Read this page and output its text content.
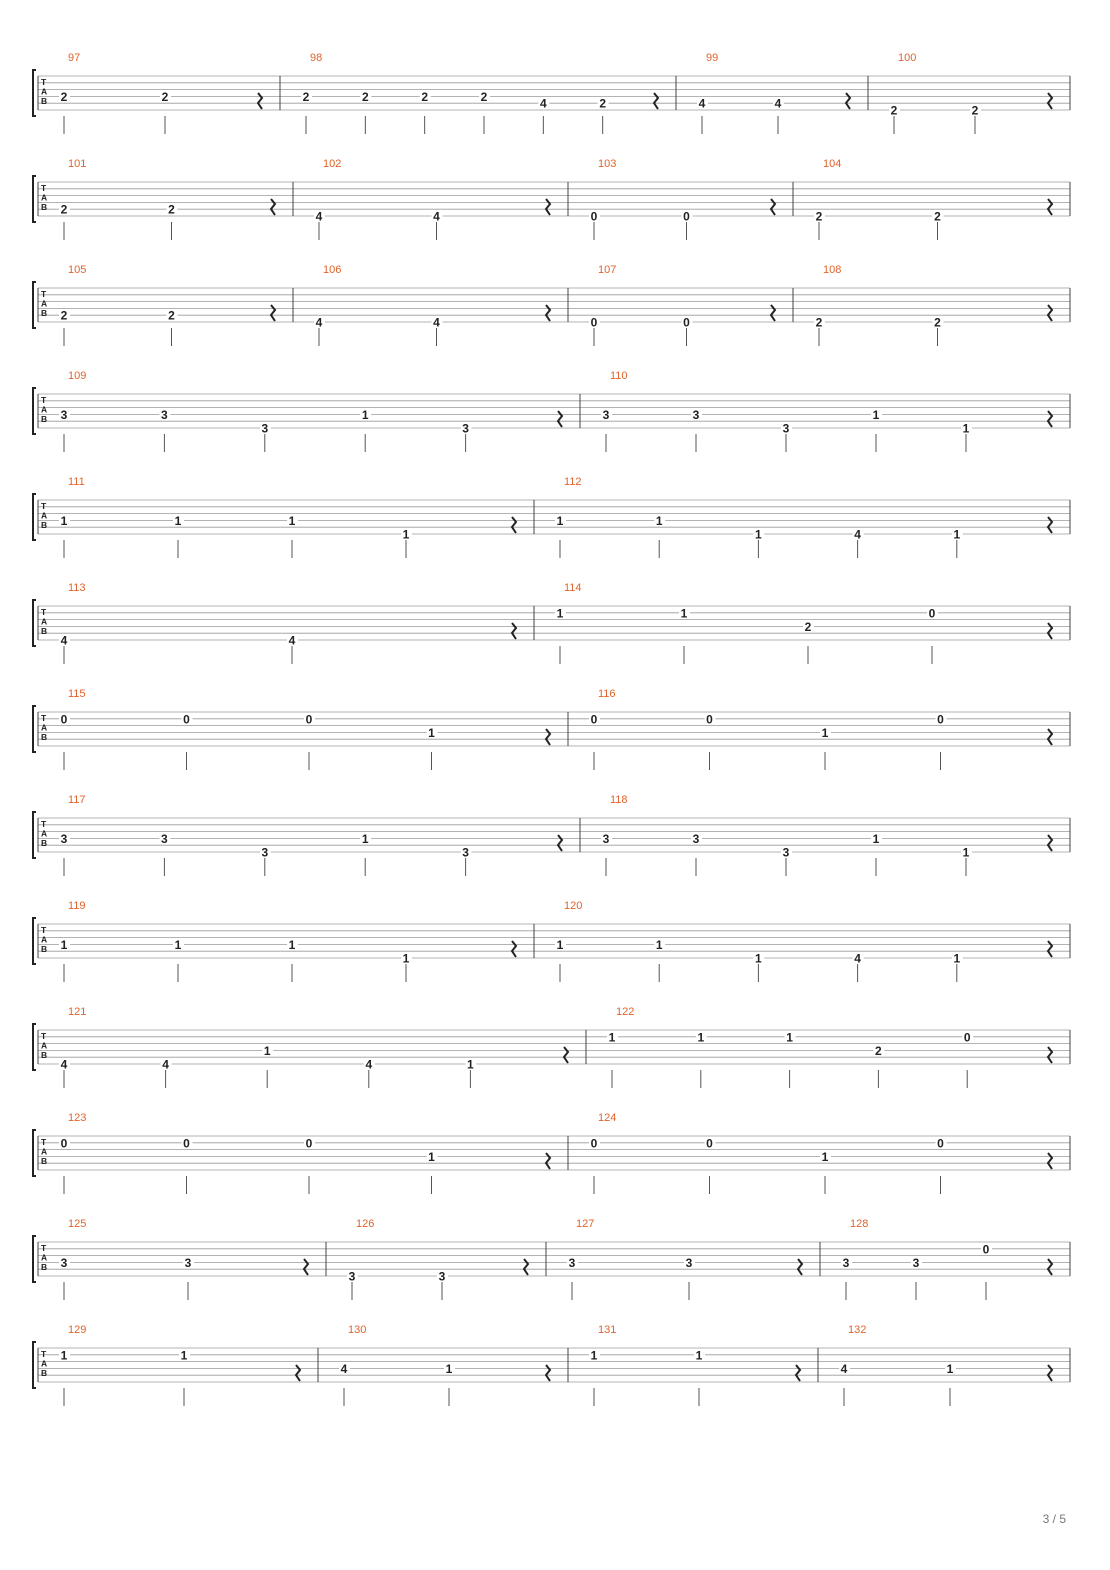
T
A
B
97
2	2
98
2	2	2	2	4	2
99
4	4
100
2	2
T
A
B
101
2	2
102
4	4
103
0	0
104
2	2
T
A
B
105
2	2
106
4	4
107
0	0
108
2	2
T
A
B
109
3	3
3
1
3
110
3	3
3
1
1
T
A
B
111
1	1	1
1
112
1	1
1	4	1
T
A
B
113
4	4
114
1	1
2
0
T
A
B
115
0	0	0
1
116
0	0
1
0
T
A
B
117
3	3
3
1
3
118
3	3
3
1
1
T
A
B
119
1	1	1
1
120
1	1
1	4	1
T
A
B
121
4	4
1
4	1
122
1	1	1
2
0
T
A
B
123
0	0	0
1
124
0	0
1
0
T
A
B
125
3	3
126
3	3
127
3	3
128
3	3
0
T
A
B
129
1	1
130
4	1
131
1	1
132
4	1
3 / 5
